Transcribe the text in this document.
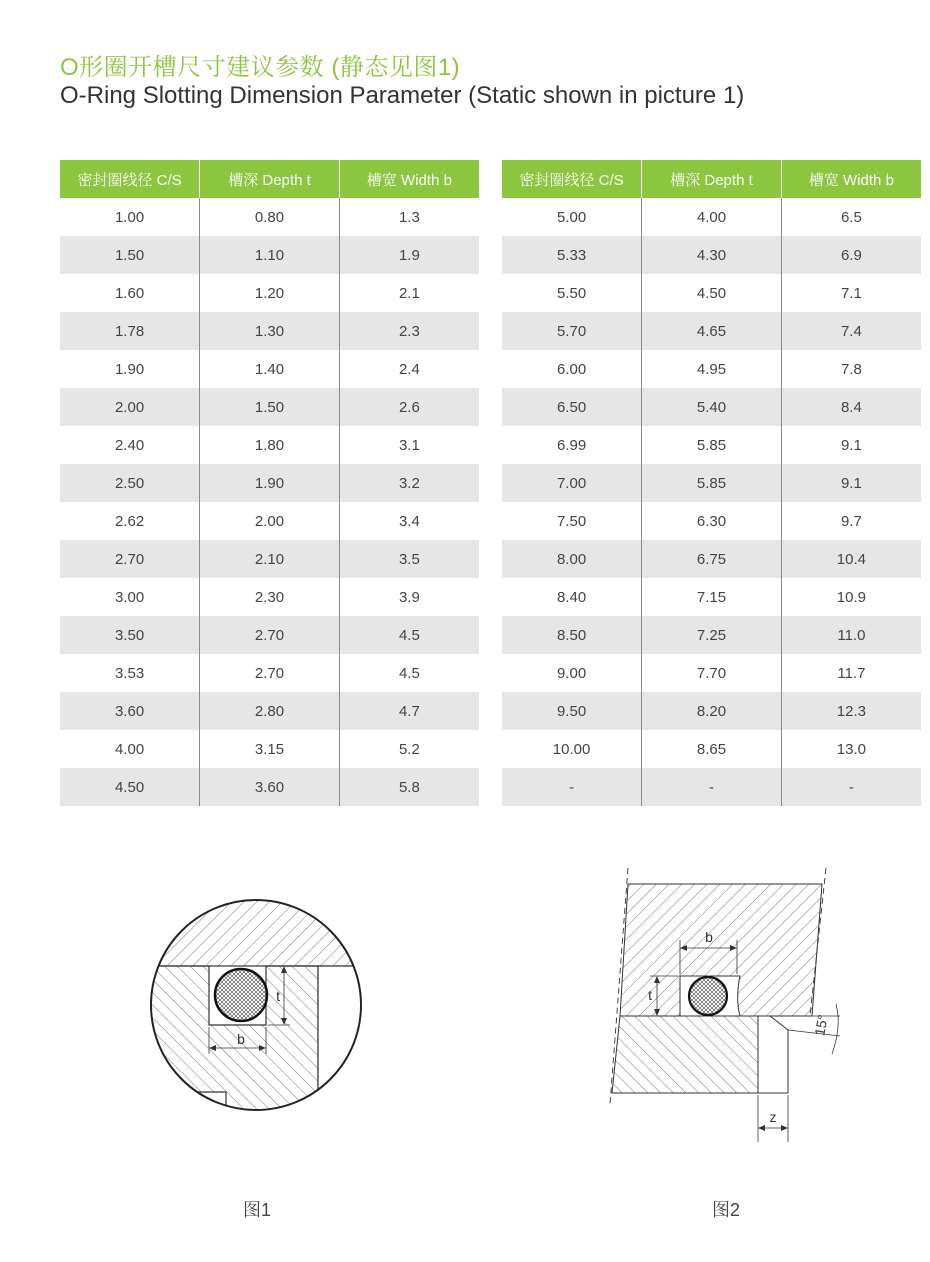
O形圈开槽尺寸建议参数 (静态见图1)
O-Ring Slotting Dimension Parameter (Static shown in picture 1)
密封圈线径 C/S	槽深 Depth t	槽宽 Width b
1.00	0.80	1.3
1.50	1.10	1.9
1.60	1.20	2.1
1.78	1.30	2.3
1.90	1.40	2.4
2.00	1.50	2.6
2.40	1.80	3.1
2.50	1.90	3.2
2.62	2.00	3.4
2.70	2.10	3.5
3.00	2.30	3.9
3.50	2.70	4.5
3.53	2.70	4.5
3.60	2.80	4.7
4.00	3.15	5.2
4.50	3.60	5.8
密封圈线径 C/S	槽深 Depth t	槽宽 Width b
5.00	4.00	6.5
5.33	4.30	6.9
5.50	4.50	7.1
5.70	4.65	7.4
6.00	4.95	7.8
6.50	5.40	8.4
6.99	5.85	9.1
7.00	5.85	9.1
7.50	6.30	9.7
8.00	6.75	10.4
8.40	7.15	10.9
8.50	7.25	11.0
9.00	7.70	11.7
9.50	8.20	12.3
10.00	8.65	13.0
-	-	-
t
b
b
t
15°
z
图1	图2
